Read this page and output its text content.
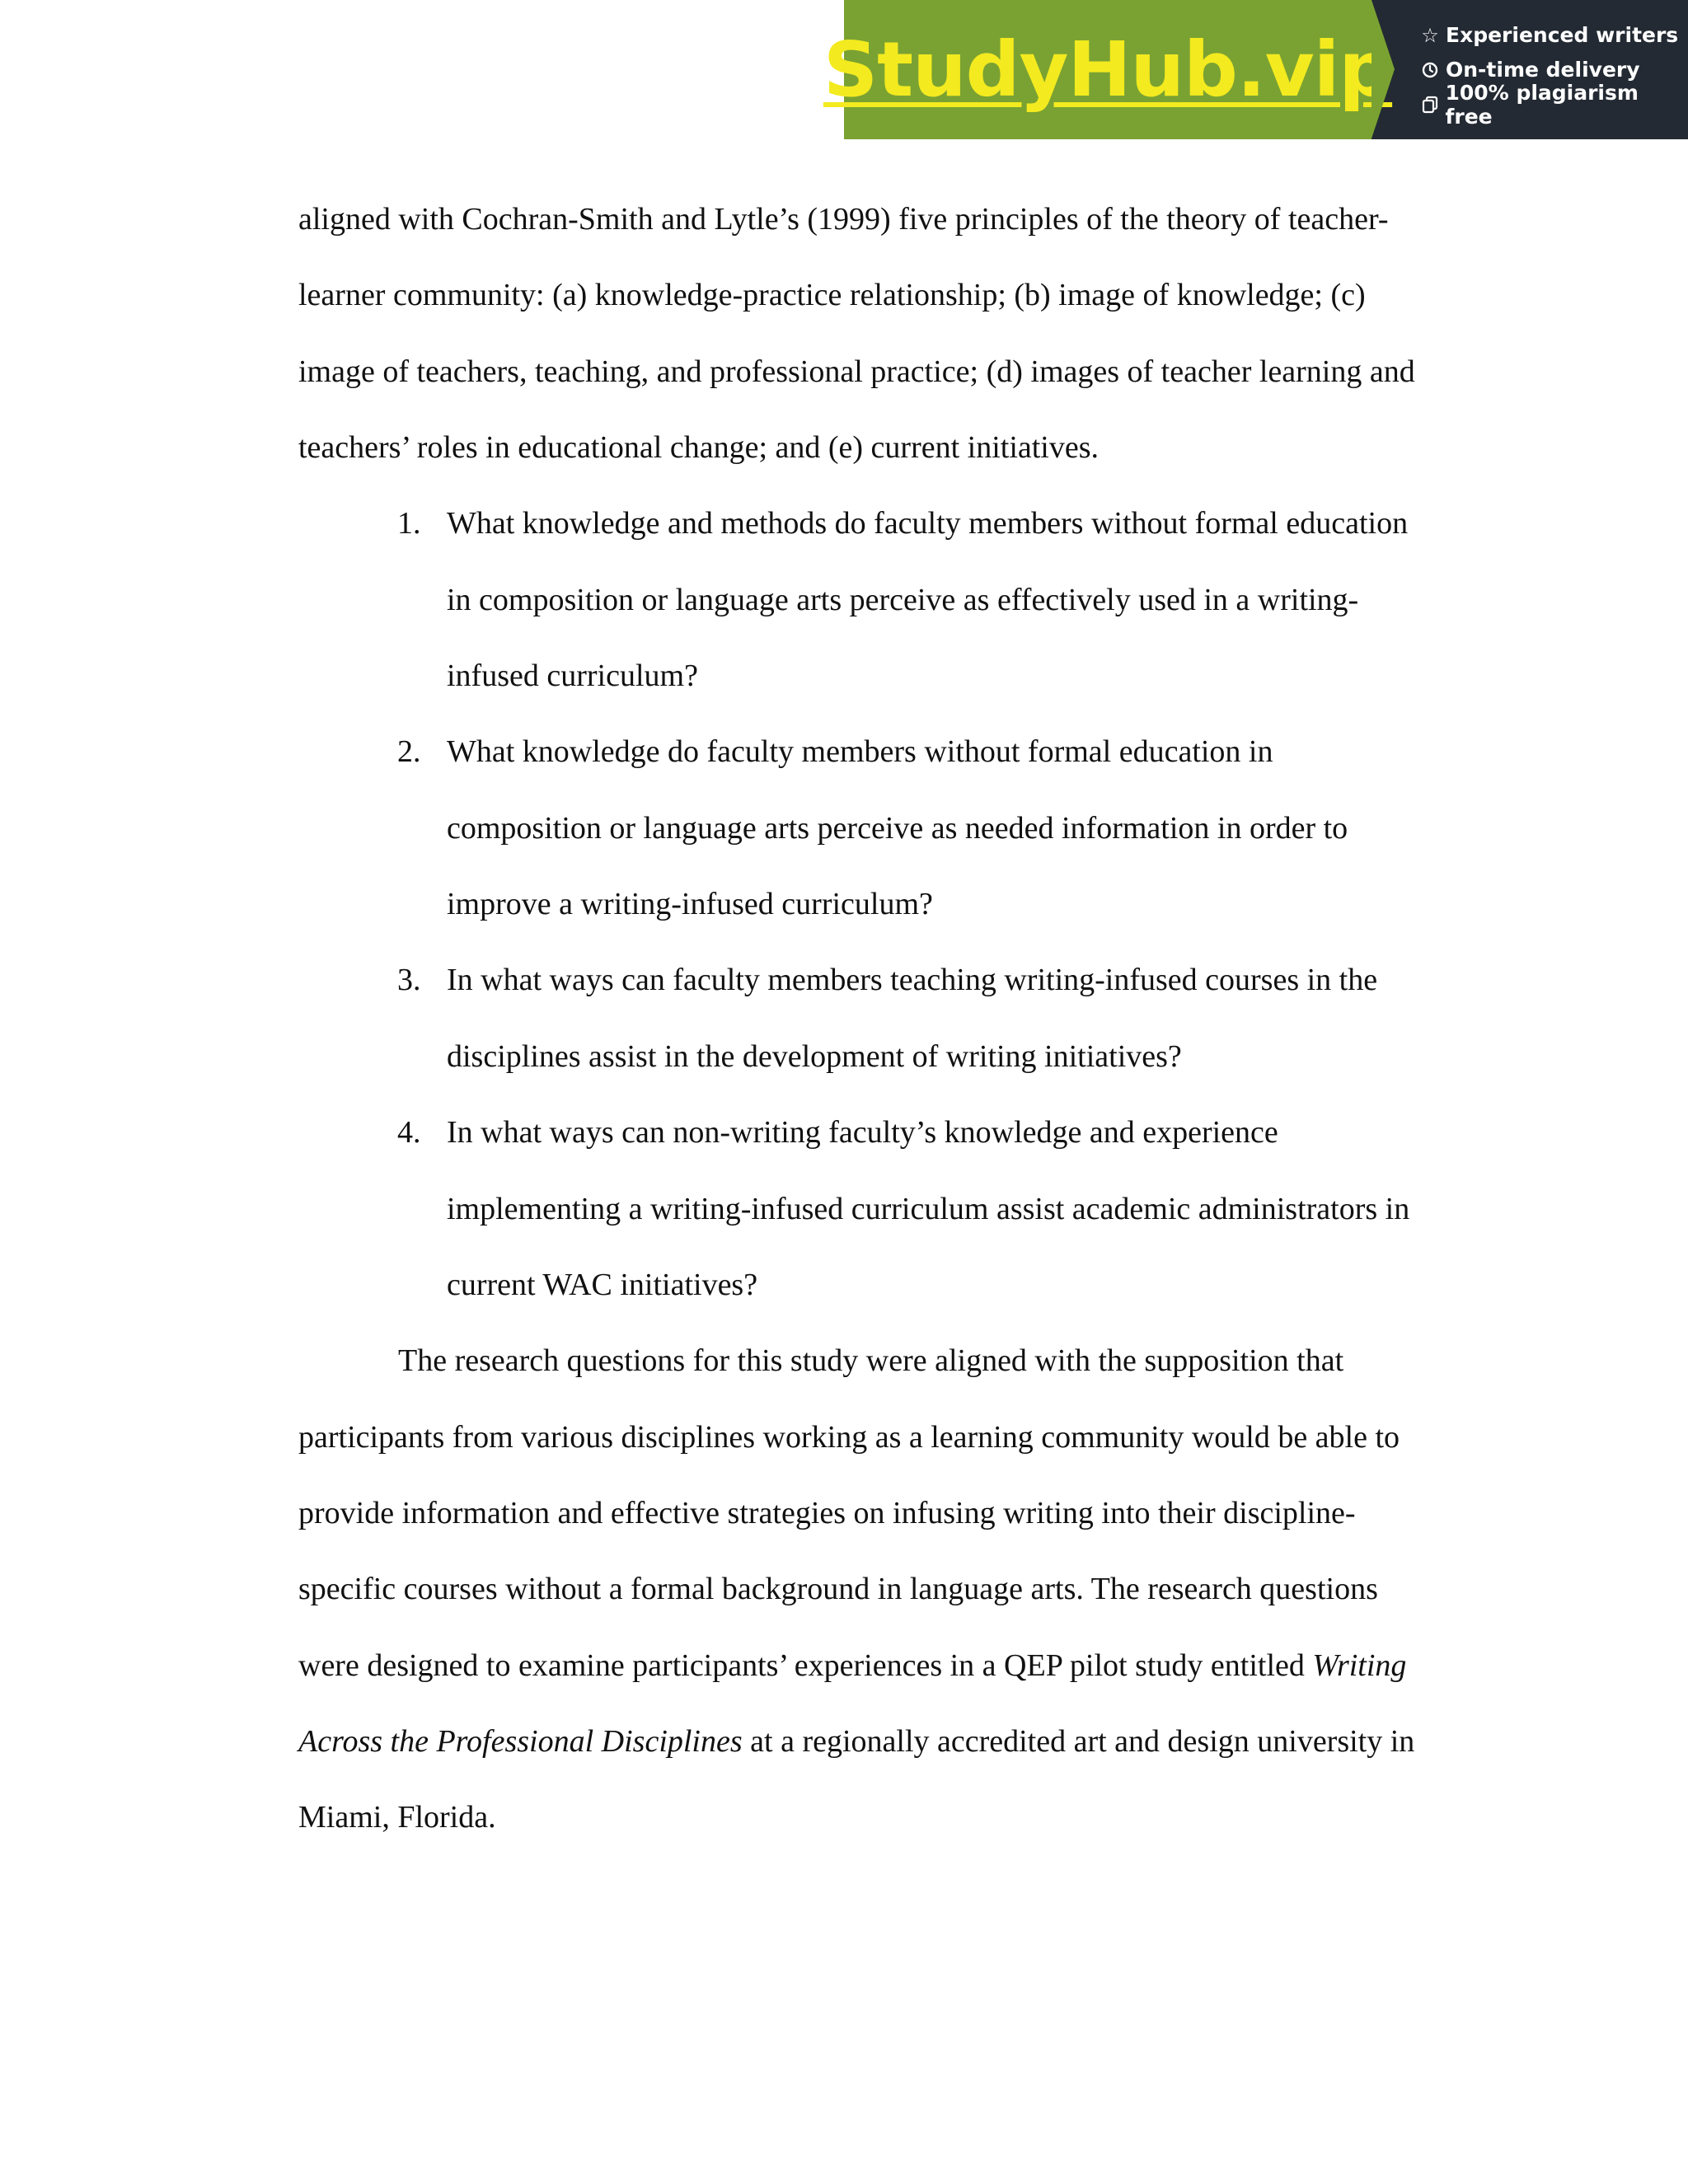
StudyHub.vip ☆ Experienced writers
On-time delivery
100% plagiarism free
aligned with Cochran-Smith and Lytle’s (1999) five principles of the theory of teacher-
learner community: (a) knowledge-practice relationship; (b) image of knowledge; (c)
image of teachers, teaching, and professional practice; (d) images of teacher learning and
teachers’ roles in educational change; and (e) current initiatives.
1. What knowledge and methods do faculty members without formal education
in composition or language arts perceive as effectively used in a writing-
infused curriculum?
2. What knowledge do faculty members without formal education in
composition or language arts perceive as needed information in order to
improve a writing-infused curriculum?
3. In what ways can faculty members teaching writing-infused courses in the
disciplines assist in the development of writing initiatives?
4. In what ways can non-writing faculty’s knowledge and experience
implementing a writing-infused curriculum assist academic administrators in
current WAC initiatives?
The research questions for this study were aligned with the supposition that
participants from various disciplines working as a learning community would be able to
provide information and effective strategies on infusing writing into their discipline-
specific courses without a formal background in language arts. The research questions
were designed to examine participants’ experiences in a QEP pilot study entitled Writing
Across the Professional Disciplines at a regionally accredited art and design university in
Miami, Florida.
